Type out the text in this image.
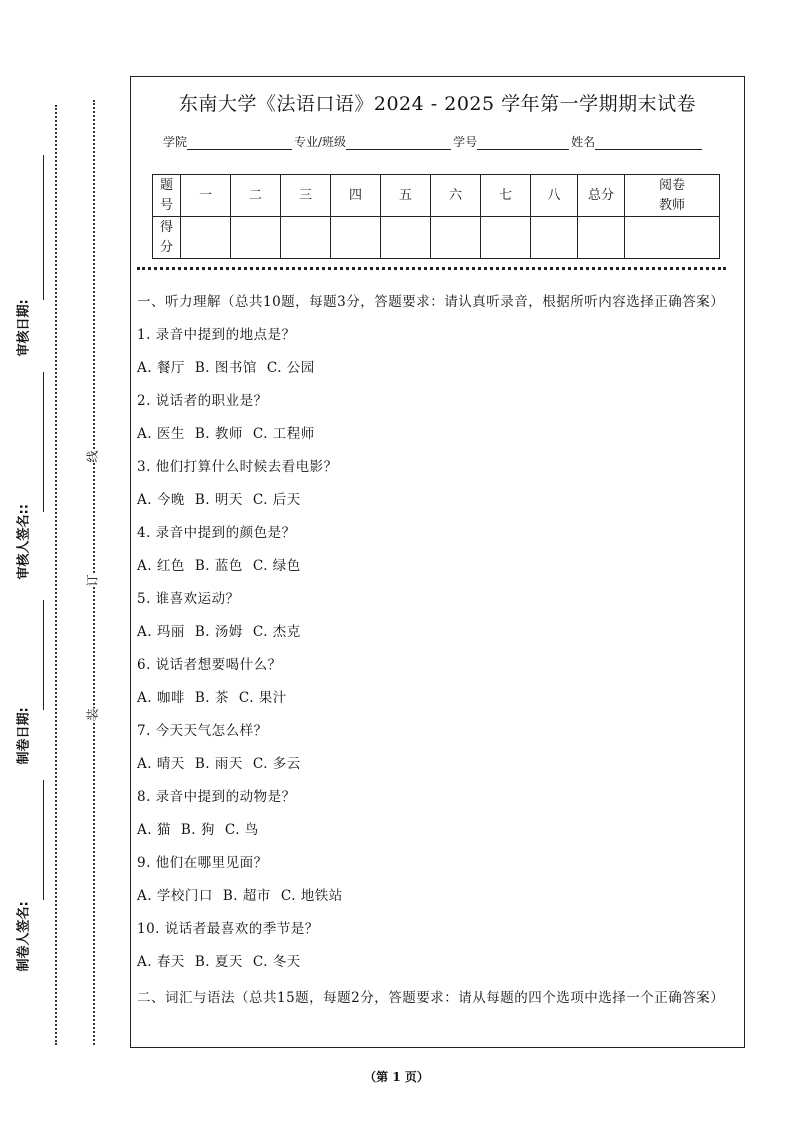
审核日期:
审核人签名::
制卷日期:
制卷人签名:
线
订
装
东南大学《法语口语》2024 - 2025 学年第一学期期末试卷
学院	专业/班级	学号	姓名
题号	一	二	三	四	五	六	七	八	总分	阅卷教师
得分										
一、听力理解（总共10题，每题3分，答题要求：请认真听录音，根据所听内容选择正确答案）
1. 录音中提到的地点是？
A. 餐厅 B. 图书馆 C. 公园
2. 说话者的职业是？
A. 医生 B. 教师 C. 工程师
3. 他们打算什么时候去看电影？
A. 今晚 B. 明天 C. 后天
4. 录音中提到的颜色是？
A. 红色 B. 蓝色 C. 绿色
5. 谁喜欢运动？
A. 玛丽 B. 汤姆 C. 杰克
6. 说话者想要喝什么？
A. 咖啡 B. 茶 C. 果汁
7. 今天天气怎么样？
A. 晴天 B. 雨天 C. 多云
8. 录音中提到的动物是？
A. 猫 B. 狗 C. 鸟
9. 他们在哪里见面？
A. 学校门口 B. 超市 C. 地铁站
10. 说话者最喜欢的季节是？
A. 春天 B. 夏天 C. 冬天
二、词汇与语法（总共15题，每题2分，答题要求：请从每题的四个选项中选择一个正确答案）
（第 1 页）
